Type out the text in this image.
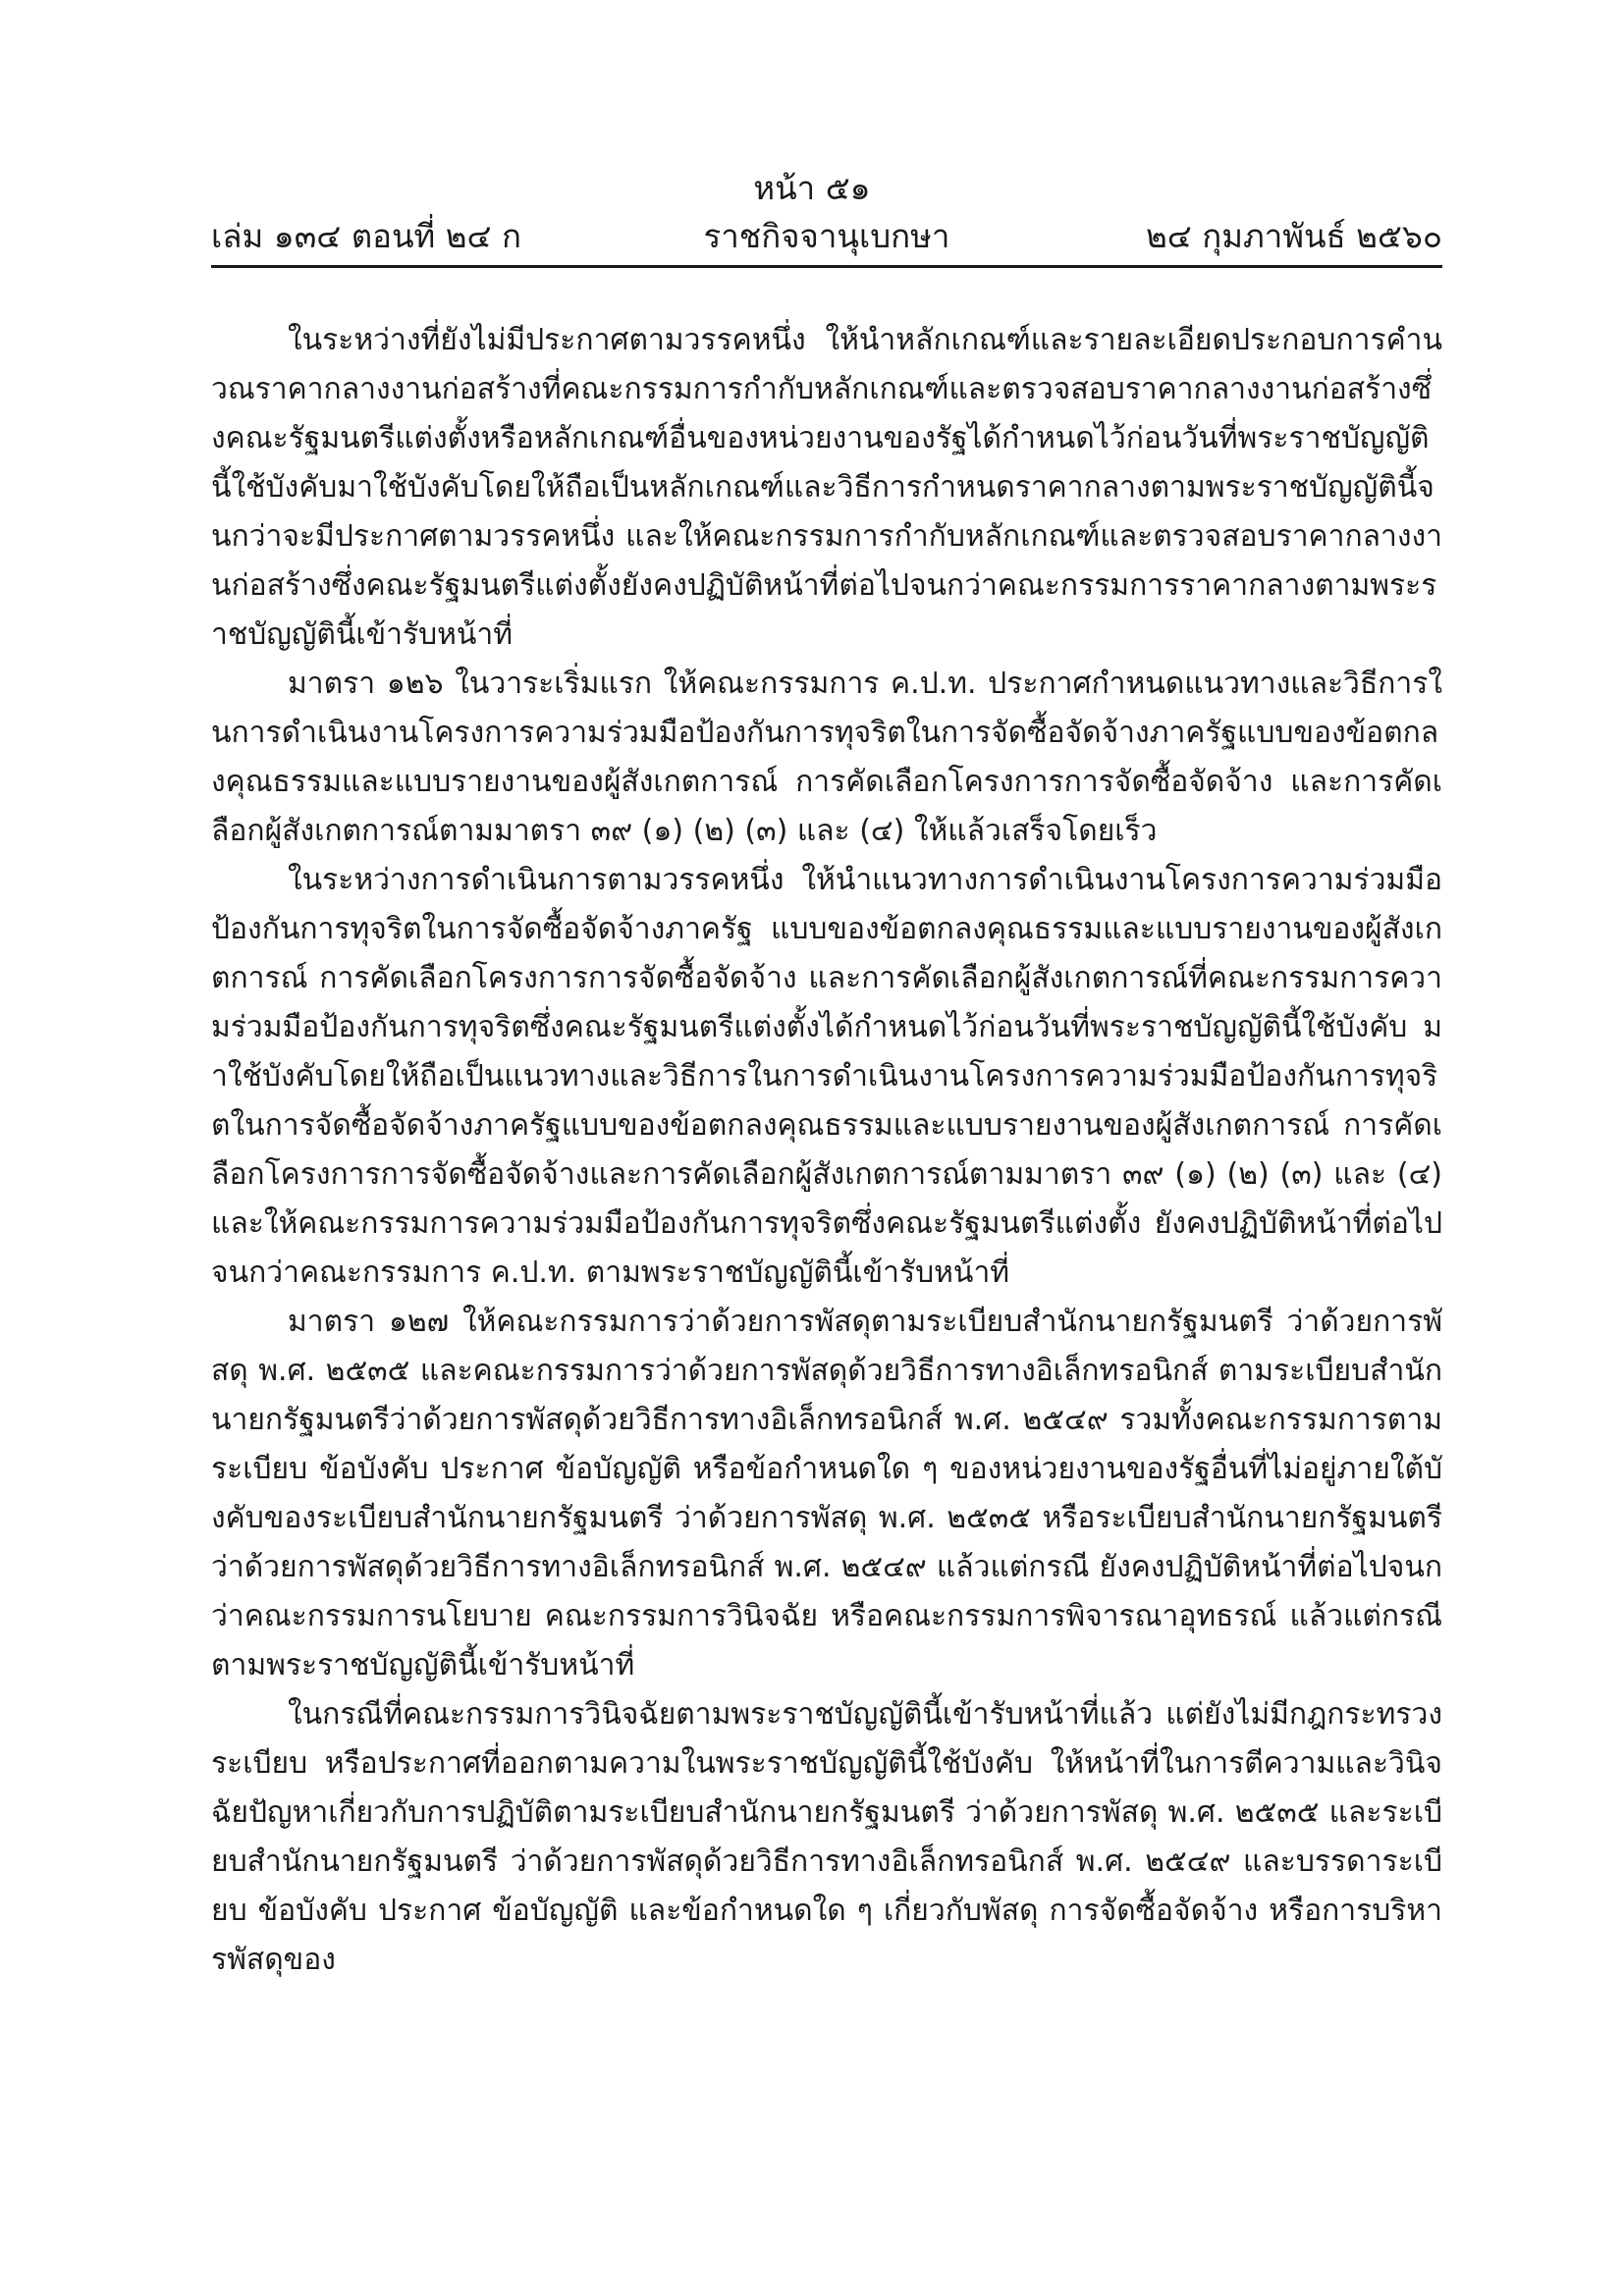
หน้า ๕๑
ราชกิจจานุเบกษา
เล่ม ๑๓๔ ตอนที่ ๒๔ ก	๒๔ กุมภาพันธ์ ๒๕๖๐

ในระหว่างที่ยังไม่มีประกาศตามวรรคหนึ่ง ให้นำหลักเกณฑ์และรายละเอียดประกอบการคำนวณราคากลางงานก่อสร้างที่คณะกรรมการกำกับหลักเกณฑ์และตรวจสอบราคากลางงานก่อสร้างซึ่งคณะรัฐมนตรีแต่งตั้งหรือหลักเกณฑ์อื่นของหน่วยงานของรัฐได้กำหนดไว้ก่อนวันที่พระราชบัญญัตินี้ใช้บังคับมาใช้บังคับโดยให้ถือเป็นหลักเกณฑ์และวิธีการกำหนดราคากลางตามพระราชบัญญัตินี้จนกว่าจะมีประกาศตามวรรคหนึ่ง และให้คณะกรรมการกำกับหลักเกณฑ์และตรวจสอบราคากลางงานก่อสร้างซึ่งคณะรัฐมนตรีแต่งตั้งยังคงปฏิบัติหน้าที่ต่อไปจนกว่าคณะกรรมการราคากลางตามพระราชบัญญัตินี้เข้ารับหน้าที่

มาตรา ๑๒๖ ในวาระเริ่มแรก ให้คณะกรรมการ ค.ป.ท. ประกาศกำหนดแนวทางและวิธีการในการดำเนินงานโครงการความร่วมมือป้องกันการทุจริตในการจัดซื้อจัดจ้างภาครัฐแบบของข้อตกลงคุณธรรมและแบบรายงานของผู้สังเกตการณ์ การคัดเลือกโครงการการจัดซื้อจัดจ้าง และการคัดเลือกผู้สังเกตการณ์ตามมาตรา ๓๙ (๑) (๒) (๓) และ (๔) ให้แล้วเสร็จโดยเร็ว

ในระหว่างการดำเนินการตามวรรคหนึ่ง ให้นำแนวทางการดำเนินงานโครงการความร่วมมือป้องกันการทุจริตในการจัดซื้อจัดจ้างภาครัฐ แบบของข้อตกลงคุณธรรมและแบบรายงานของผู้สังเกตการณ์ การคัดเลือกโครงการการจัดซื้อจัดจ้าง และการคัดเลือกผู้สังเกตการณ์ที่คณะกรรมการความร่วมมือป้องกันการทุจริตซึ่งคณะรัฐมนตรีแต่งตั้งได้กำหนดไว้ก่อนวันที่พระราชบัญญัตินี้ใช้บังคับ มาใช้บังคับโดยให้ถือเป็นแนวทางและวิธีการในการดำเนินงานโครงการความร่วมมือป้องกันการทุจริตในการจัดซื้อจัดจ้างภาครัฐแบบของข้อตกลงคุณธรรมและแบบรายงานของผู้สังเกตการณ์ การคัดเลือกโครงการการจัดซื้อจัดจ้างและการคัดเลือกผู้สังเกตการณ์ตามมาตรา ๓๙ (๑) (๒) (๓) และ (๔) และให้คณะกรรมการความร่วมมือป้องกันการทุจริตซึ่งคณะรัฐมนตรีแต่งตั้ง ยังคงปฏิบัติหน้าที่ต่อไปจนกว่าคณะกรรมการ ค.ป.ท. ตามพระราชบัญญัตินี้เข้ารับหน้าที่

มาตรา ๑๒๗ ให้คณะกรรมการว่าด้วยการพัสดุตามระเบียบสำนักนายกรัฐมนตรี ว่าด้วยการพัสดุ พ.ศ. ๒๕๓๕ และคณะกรรมการว่าด้วยการพัสดุด้วยวิธีการทางอิเล็กทรอนิกส์ ตามระเบียบสำนักนายกรัฐมนตรีว่าด้วยการพัสดุด้วยวิธีการทางอิเล็กทรอนิกส์ พ.ศ. ๒๕๔๙ รวมทั้งคณะกรรมการตามระเบียบ ข้อบังคับ ประกาศ ข้อบัญญัติ หรือข้อกำหนดใด ๆ ของหน่วยงานของรัฐอื่นที่ไม่อยู่ภายใต้บังคับของระเบียบสำนักนายกรัฐมนตรี ว่าด้วยการพัสดุ พ.ศ. ๒๕๓๕ หรือระเบียบสำนักนายกรัฐมนตรี ว่าด้วยการพัสดุด้วยวิธีการทางอิเล็กทรอนิกส์ พ.ศ. ๒๕๔๙ แล้วแต่กรณี ยังคงปฏิบัติหน้าที่ต่อไปจนกว่าคณะกรรมการนโยบาย คณะกรรมการวินิจฉัย หรือคณะกรรมการพิจารณาอุทธรณ์ แล้วแต่กรณี ตามพระราชบัญญัตินี้เข้ารับหน้าที่

ในกรณีที่คณะกรรมการวินิจฉัยตามพระราชบัญญัตินี้เข้ารับหน้าที่แล้ว แต่ยังไม่มีกฎกระทรวง ระเบียบ หรือประกาศที่ออกตามความในพระราชบัญญัตินี้ใช้บังคับ ให้หน้าที่ในการตีความและวินิจฉัยปัญหาเกี่ยวกับการปฏิบัติตามระเบียบสำนักนายกรัฐมนตรี ว่าด้วยการพัสดุ พ.ศ. ๒๕๓๕ และระเบียบสำนักนายกรัฐมนตรี ว่าด้วยการพัสดุด้วยวิธีการทางอิเล็กทรอนิกส์ พ.ศ. ๒๕๔๙ และบรรดาระเบียบ ข้อบังคับ ประกาศ ข้อบัญญัติ และข้อกำหนดใด ๆ เกี่ยวกับพัสดุ การจัดซื้อจัดจ้าง หรือการบริหารพัสดุของ
